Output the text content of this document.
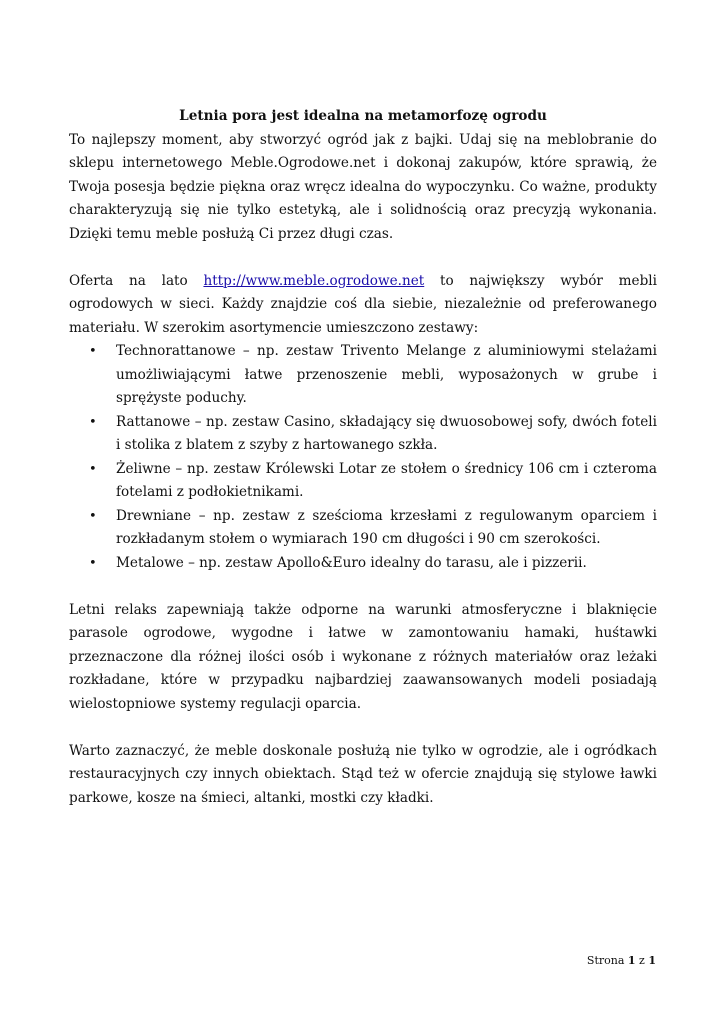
Letnia pora jest idealna na metamorfozę ogrodu

To najlepszy moment, aby stworzyć ogród jak z bajki. Udaj się na meblobranie do sklepu internetowego Meble.Ogrodowe.net i dokonaj zakupów, które sprawią, że Twoja posesja będzie piękna oraz wręcz idealna do wypoczynku. Co ważne, produkty charakteryzują się nie tylko estetyką, ale i solidnością oraz precyzją wykonania. Dzięki temu meble posłużą Ci przez długi czas.

Oferta na lato http://www.meble.ogrodowe.net to największy wybór mebli ogrodowych w sieci. Każdy znajdzie coś dla siebie, niezależnie od preferowanego materiału. W szerokim asortymencie umieszczono zestawy:

• Technorattanowe – np. zestaw Trivento Melange z aluminiowymi stelażami umożliwiającymi łatwe przenoszenie mebli, wyposażonych w grube i sprężyste poduchy.
• Rattanowe – np. zestaw Casino, składający się dwuosobowej sofy, dwóch foteli i stolika z blatem z szyby z hartowanego szkła.
• Żeliwne – np. zestaw Królewski Lotar ze stołem o średnicy 106 cm i czteroma fotelami z podłokietnikami.
• Drewniane – np. zestaw z sześcioma krzesłami z regulowanym oparciem i rozkładanym stołem o wymiarach 190 cm długości i 90 cm szerokości.
• Metalowe – np. zestaw Apollo&Euro idealny do tarasu, ale i pizzerii.

Letni relaks zapewniają także odporne na warunki atmosferyczne i blaknięcie parasole ogrodowe, wygodne i łatwe w zamontowaniu hamaki, huśtawki przeznaczone dla różnej ilości osób i wykonane z różnych materiałów oraz leżaki rozkładane, które w przypadku najbardziej zaawansowanych modeli posiadają wielostopniowe systemy regulacji oparcia.

Warto zaznaczyć, że meble doskonale posłużą nie tylko w ogrodzie, ale i ogródkach restauracyjnych czy innych obiektach. Stąd też w ofercie znajdują się stylowe ławki parkowe, kosze na śmieci, altanki, mostki czy kładki.

Strona 1 z 1
